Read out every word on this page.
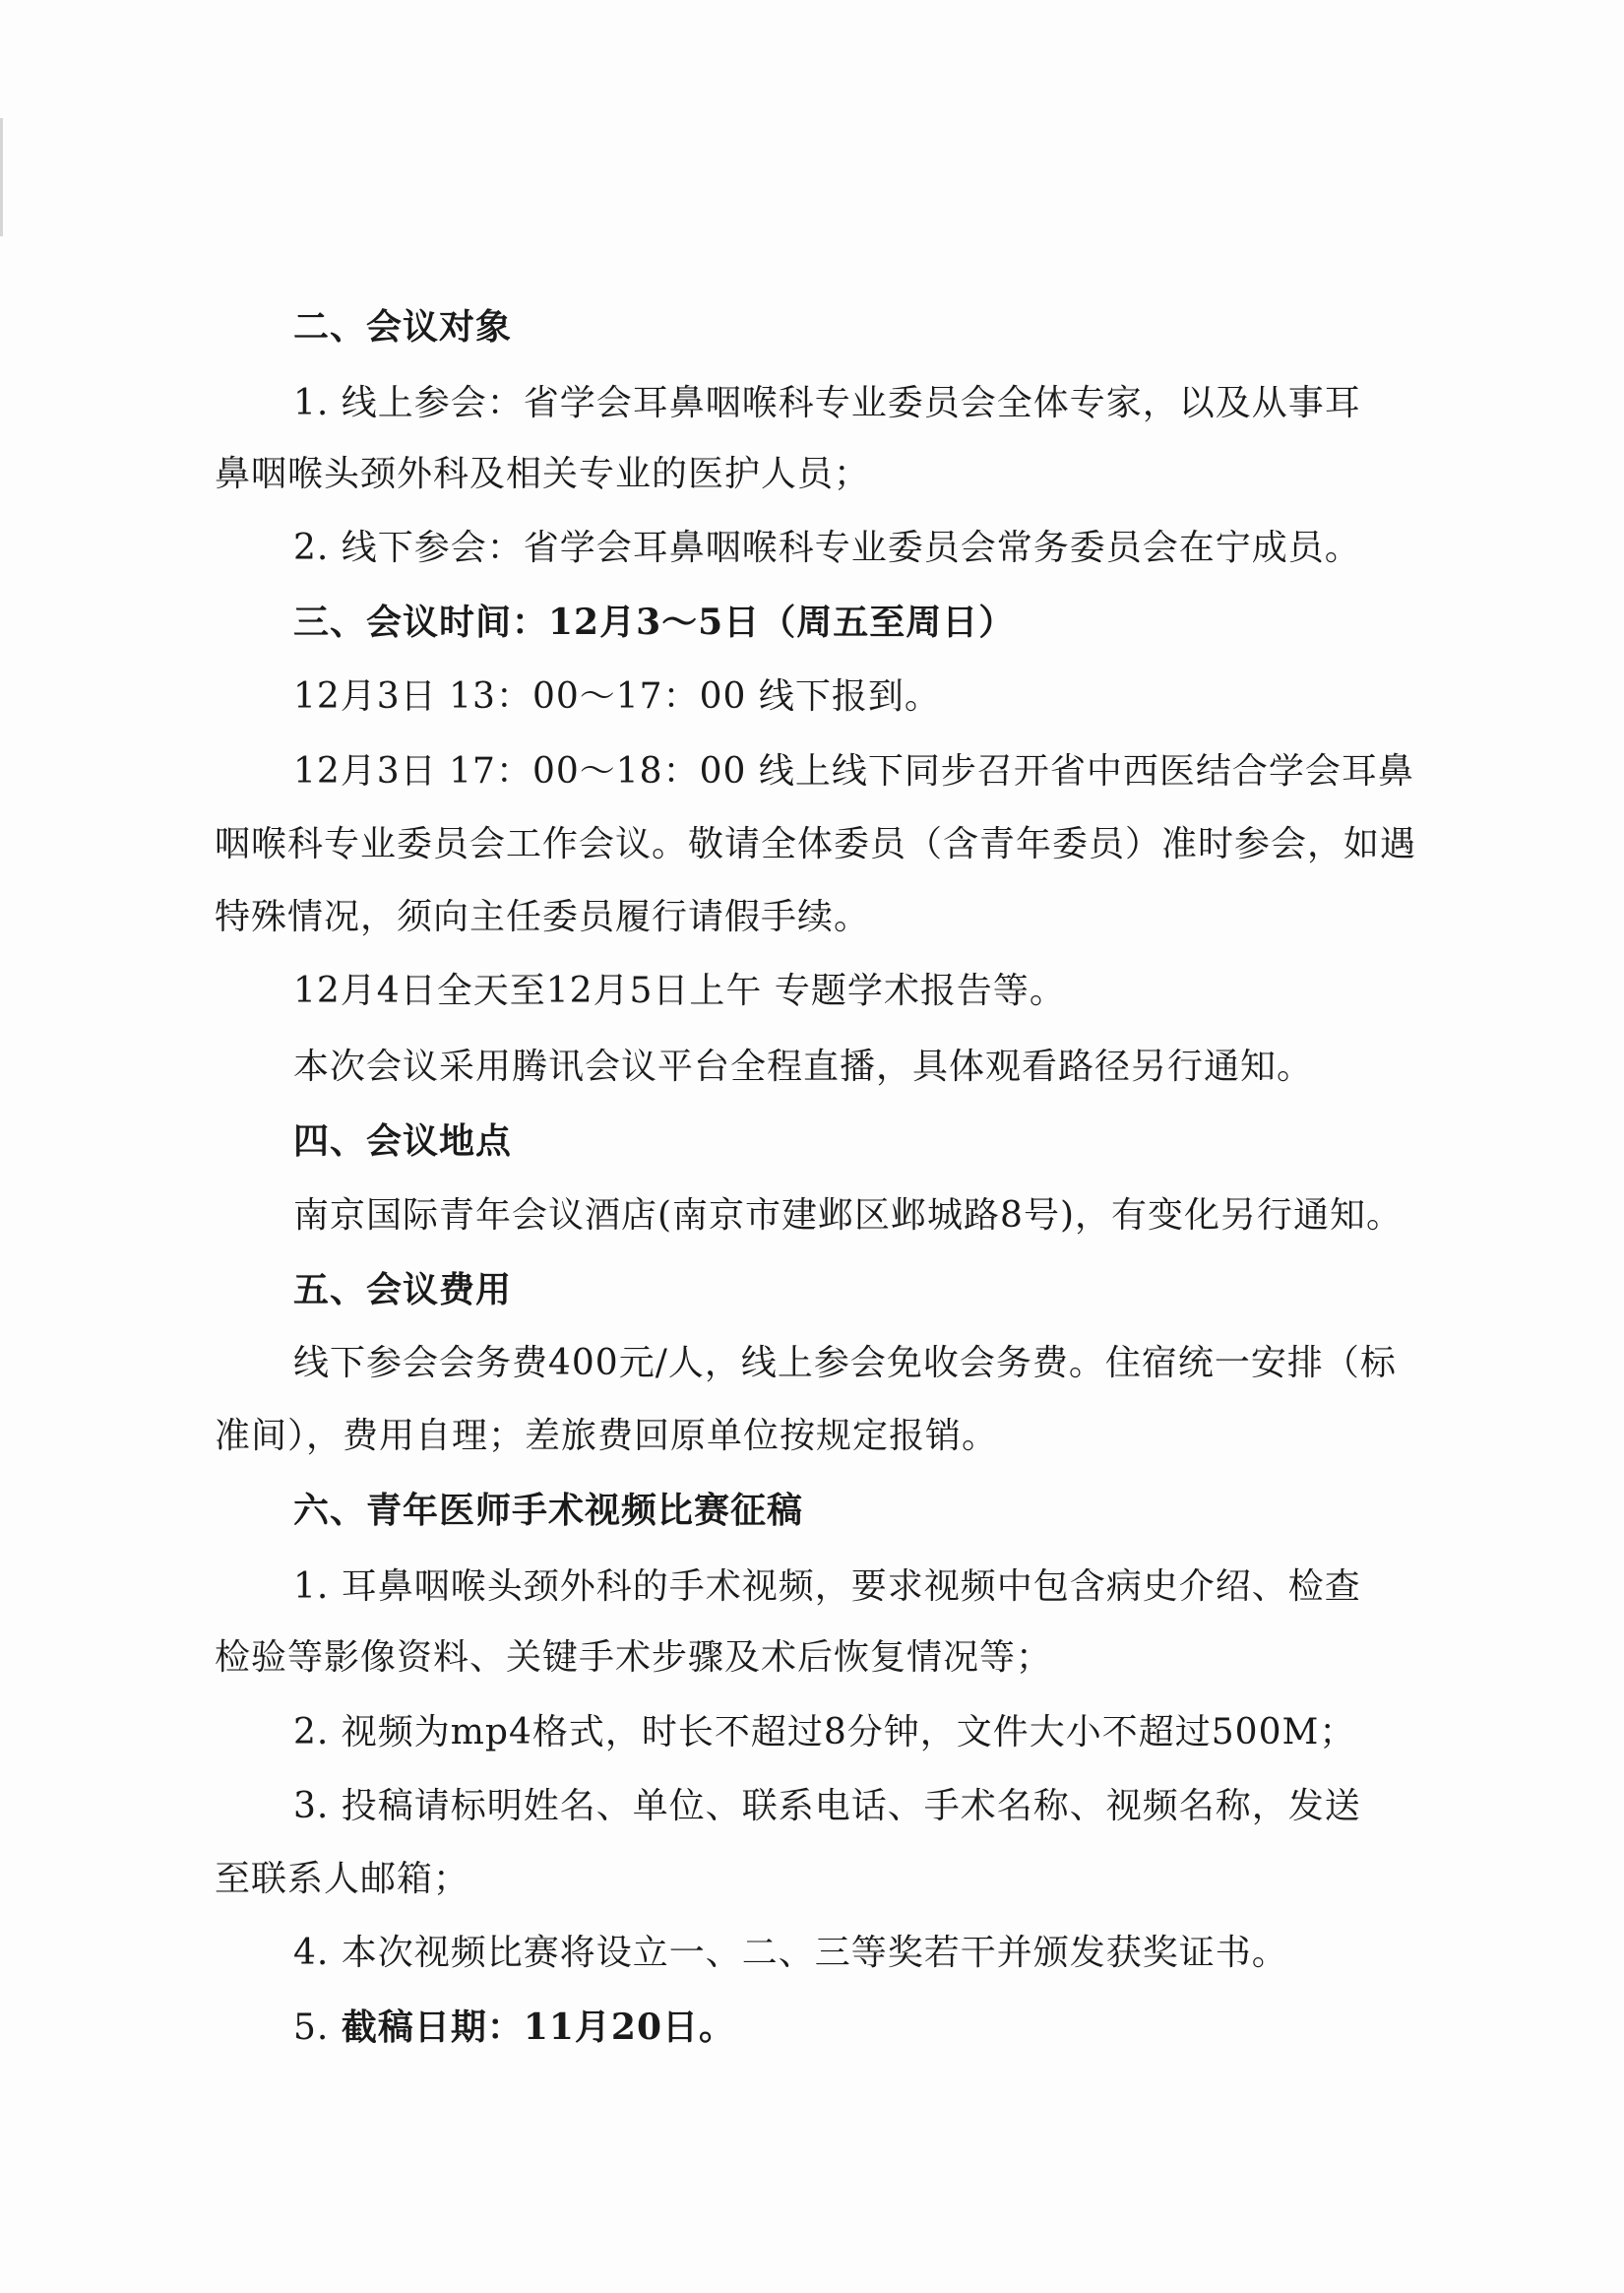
二、会议对象
1. 线上参会：省学会耳鼻咽喉科专业委员会全体专家，以及从事耳
鼻咽喉头颈外科及相关专业的医护人员；
2. 线下参会：省学会耳鼻咽喉科专业委员会常务委员会在宁成员。
三、会议时间：12月3～5日（周五至周日）
12月3日 13：00～17：00 线下报到。
12月3日 17：00～18：00 线上线下同步召开省中西医结合学会耳鼻
咽喉科专业委员会工作会议。敬请全体委员（含青年委员）准时参会，如遇
特殊情况，须向主任委员履行请假手续。
12月4日全天至12月5日上午 专题学术报告等。
本次会议采用腾讯会议平台全程直播，具体观看路径另行通知。
四、会议地点
南京国际青年会议酒店(南京市建邺区邺城路8号)，有变化另行通知。
五、会议费用
线下参会会务费400元/人，线上参会免收会务费。住宿统一安排（标
准间），费用自理；差旅费回原单位按规定报销。
六、青年医师手术视频比赛征稿
1. 耳鼻咽喉头颈外科的手术视频，要求视频中包含病史介绍、检查
检验等影像资料、关键手术步骤及术后恢复情况等；
2. 视频为mp4格式，时长不超过8分钟，文件大小不超过500M；
3. 投稿请标明姓名、单位、联系电话、手术名称、视频名称，发送
至联系人邮箱；
4. 本次视频比赛将设立一、二、三等奖若干并颁发获奖证书。
5. 截稿日期：11月20日。
